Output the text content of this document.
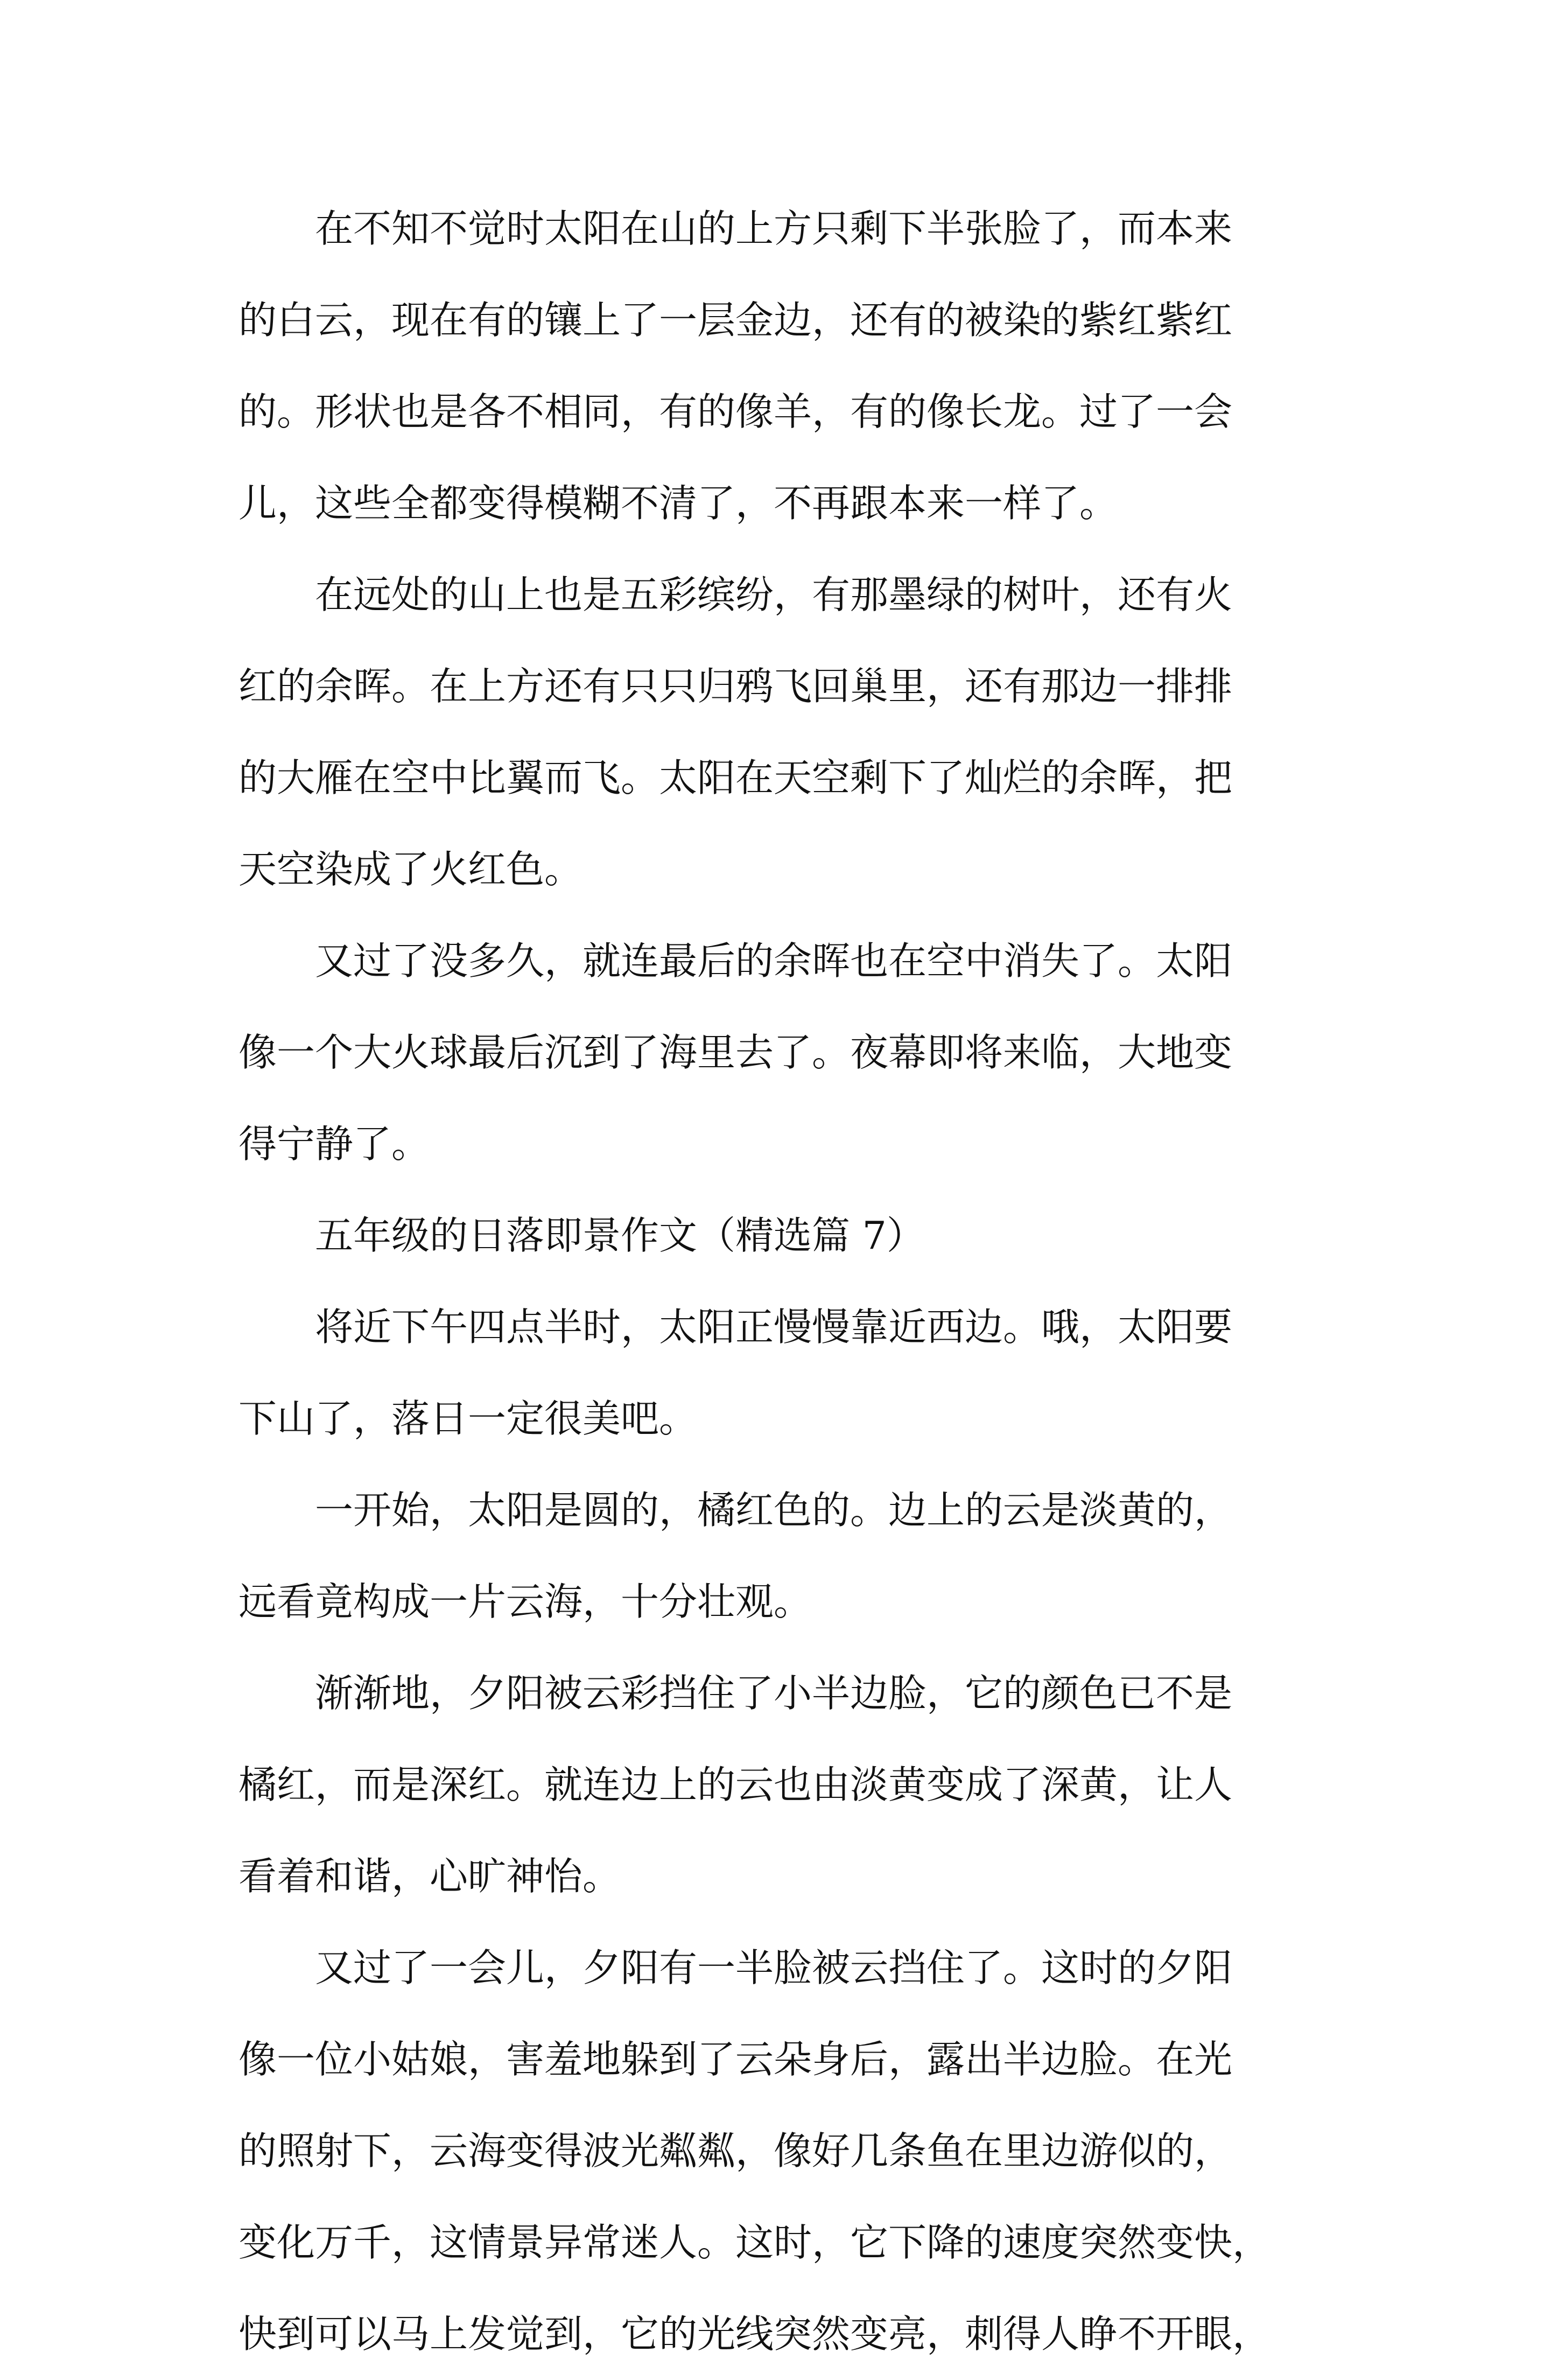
在不知不觉时太阳在山的上方只剩下半张脸了，而本来
的白云，现在有的镶上了一层金边，还有的被染的紫红紫红
的。形状也是各不相同，有的像羊，有的像长龙。过了一会
儿，这些全都变得模糊不清了，不再跟本来一样了。
在远处的山上也是五彩缤纷，有那墨绿的树叶，还有火
红的余晖。在上方还有只只归鸦飞回巢里，还有那边一排排
的大雁在空中比翼而飞。太阳在天空剩下了灿烂的余晖，把
天空染成了火红色。
又过了没多久，就连最后的余晖也在空中消失了。太阳
像一个大火球最后沉到了海里去了。夜幕即将来临，大地变
得宁静了。
五年级的日落即景作文（精选篇 7）
将近下午四点半时，太阳正慢慢靠近西边。哦，太阳要
下山了，落日一定很美吧。
一开始，太阳是圆的，橘红色的。边上的云是淡黄的，
远看竟构成一片云海，十分壮观。
渐渐地，夕阳被云彩挡住了小半边脸，它的颜色已不是
橘红，而是深红。就连边上的云也由淡黄变成了深黄，让人
看着和谐，心旷神怡。
又过了一会儿，夕阳有一半脸被云挡住了。这时的夕阳
像一位小姑娘，害羞地躲到了云朵身后，露出半边脸。在光
的照射下，云海变得波光粼粼，像好几条鱼在里边游似的，
变化万千，这情景异常迷人。这时，它下降的速度突然变快，
快到可以马上发觉到，它的光线突然变亮，刺得人睁不开眼，
